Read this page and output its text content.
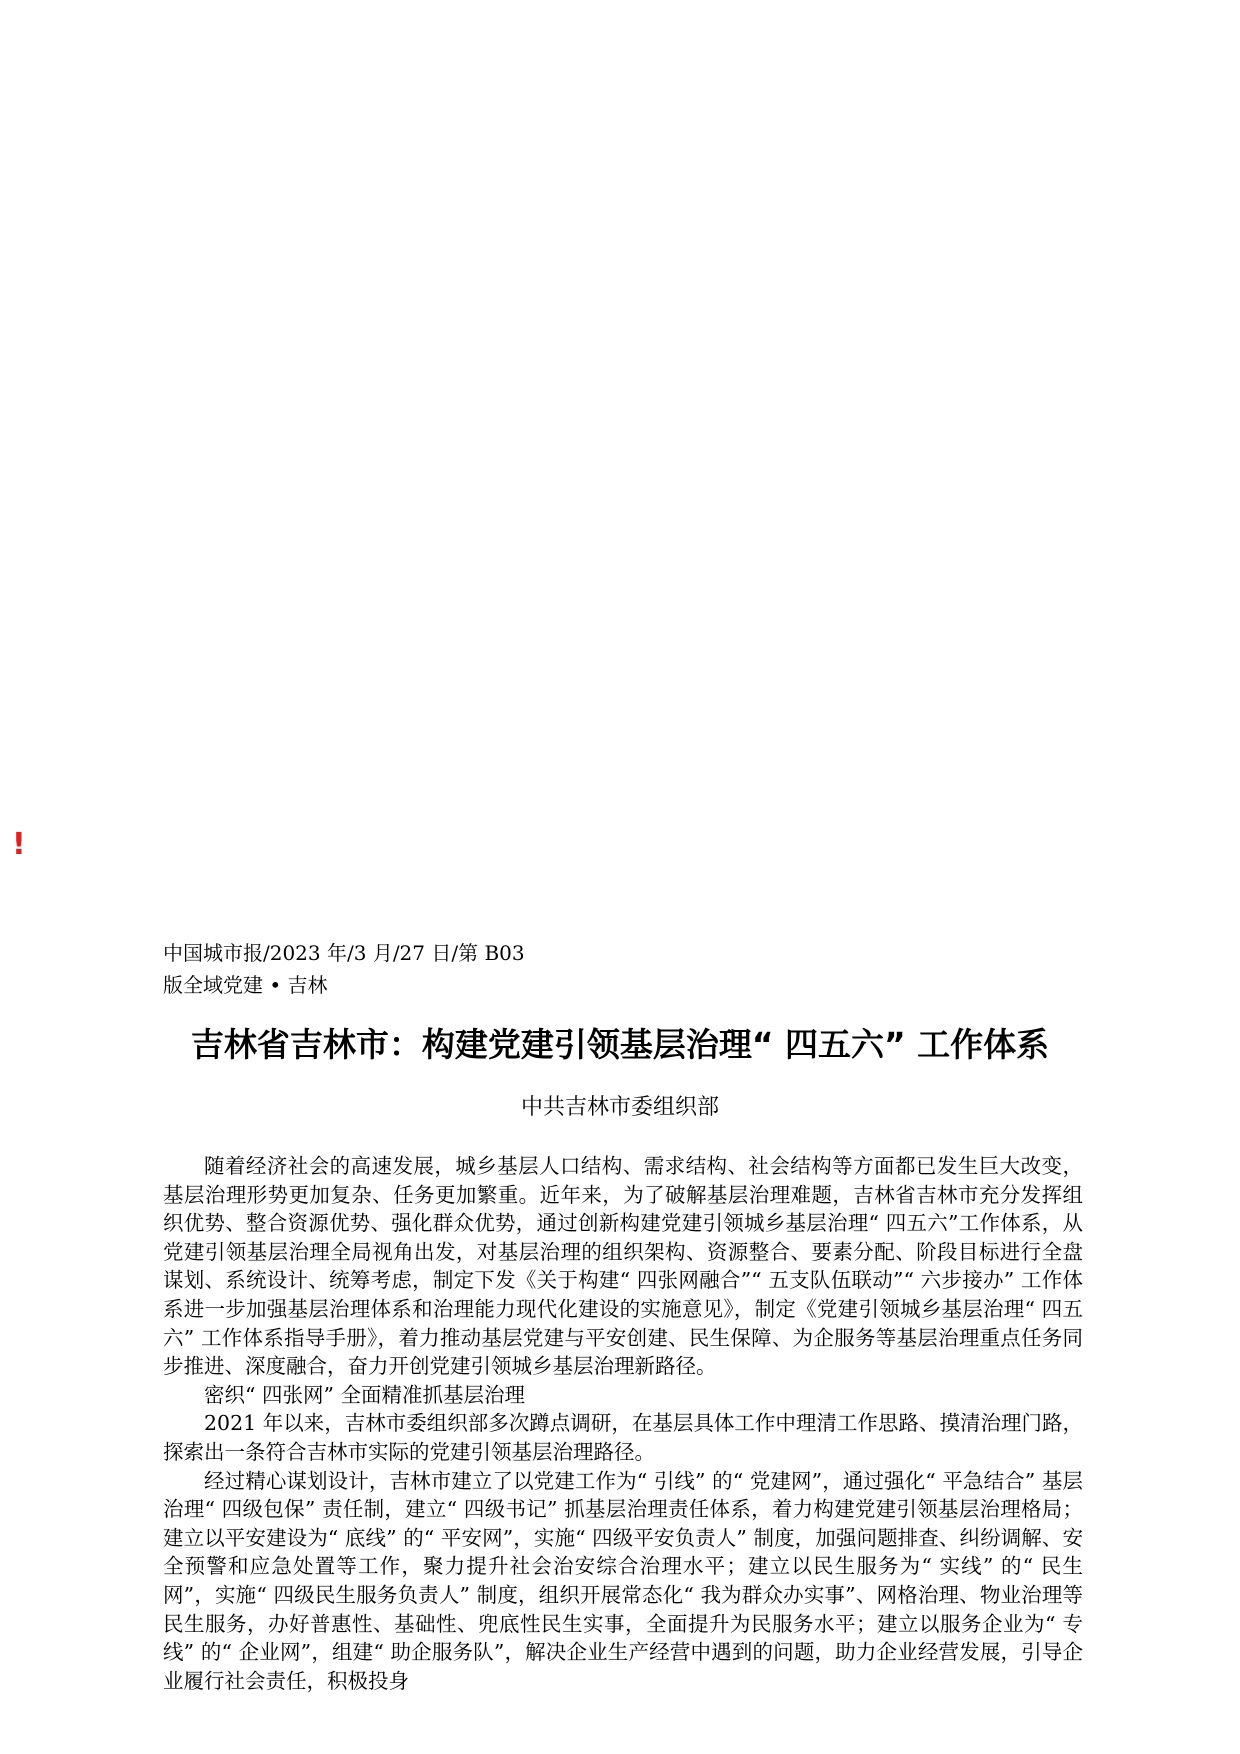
!
中国城市报/2023 年/3 月/27 日/第 B03
版全域党建 • 吉林
吉林省吉林市：构建党建引领基层治理“ 四五六” 工作体系
中共吉林市委组织部

随着经济社会的高速发展，城乡基层人口结构、需求结构、社会结构等方面都已发生巨大改变，基层治理形势更加复杂、任务更加繁重。近年来，为了破解基层治理难题，吉林省吉林市充分发挥组织优势、整合资源优势、强化群众优势，通过创新构建党建引领城乡基层治理“ 四五六”工作体系，从党建引领基层治理全局视角出发，对基层治理的组织架构、资源整合、要素分配、阶段目标进行全盘谋划、系统设计、统筹考虑，制定下发《关于构建“ 四张网融合”“ 五支队伍联动”“ 六步接办” 工作体系进一步加强基层治理体系和治理能力现代化建设的实施意见》，制定《党建引领城乡基层治理“ 四五六” 工作体系指导手册》，着力推动基层党建与平安创建、民生保障、为企服务等基层治理重点任务同步推进、深度融合，奋力开创党建引领城乡基层治理新路径。

密织“ 四张网” 全面精准抓基层治理

2021 年以来，吉林市委组织部多次蹲点调研，在基层具体工作中理清工作思路、摸清治理门路，探索出一条符合吉林市实际的党建引领基层治理路径。

经过精心谋划设计，吉林市建立了以党建工作为“ 引线” 的“ 党建网”，通过强化“ 平急结合” 基层治理“ 四级包保” 责任制，建立“ 四级书记” 抓基层治理责任体系，着力构建党建引领基层治理格局；建立以平安建设为“ 底线” 的“ 平安网”，实施“ 四级平安负责人” 制度，加强问题排查、纠纷调解、安全预警和应急处置等工作，聚力提升社会治安综合治理水平；建立以民生服务为“ 实线” 的“ 民生网”，实施“ 四级民生服务负责人” 制度，组织开展常态化“ 我为群众办实事”、网格治理、物业治理等民生服务，办好普惠性、基础性、兜底性民生实事，全面提升为民服务水平；建立以服务企业为“ 专线” 的“ 企业网”，组建“ 助企服务队”，解决企业生产经营中遇到的问题，助力企业经营发展，引导企业履行社会责任，积极投身
